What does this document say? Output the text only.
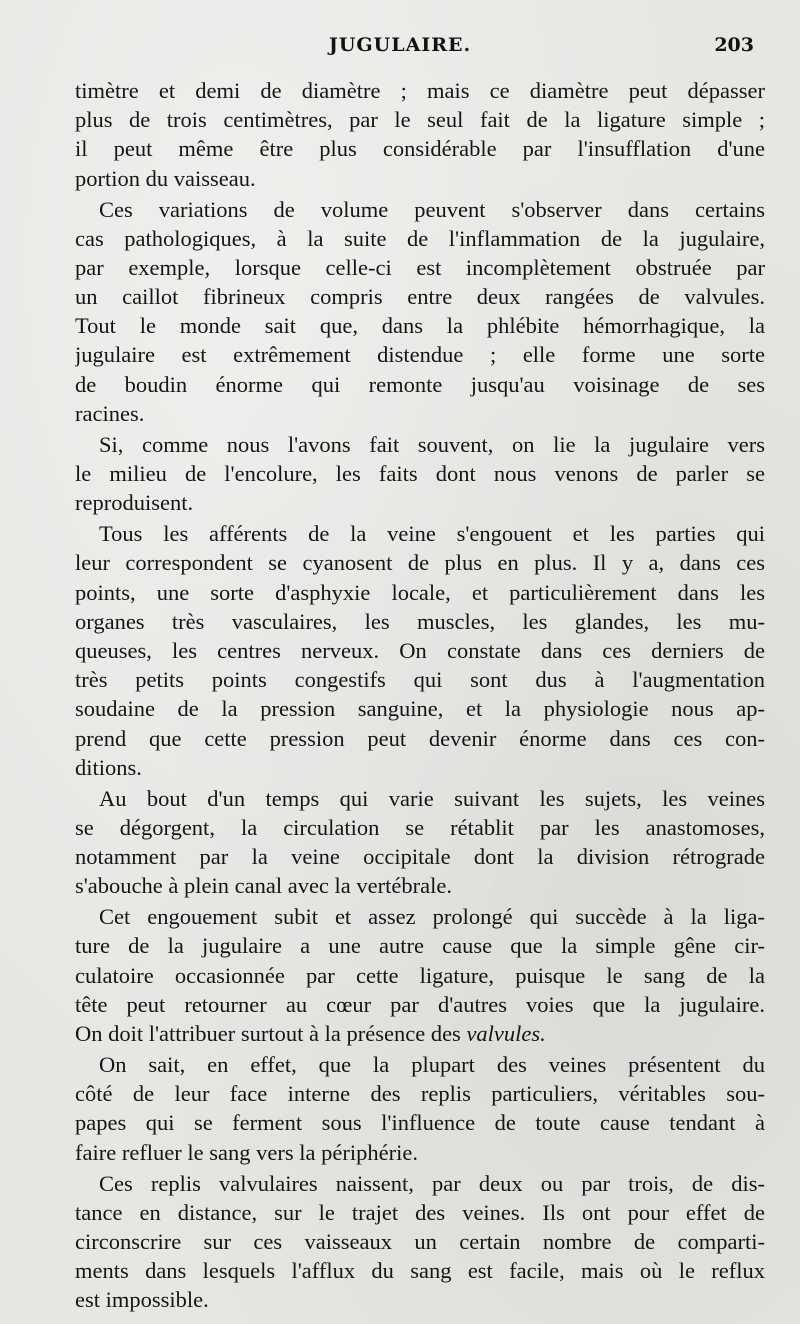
JUGULAIRE.	203
timètre et demi de diamètre ; mais ce diamètre peut dépasser
plus de trois centimètres, par le seul fait de la ligature simple ;
il peut même être plus considérable par l'insufflation d'une
portion du vaisseau.
Ces variations de volume peuvent s'observer dans certains
cas pathologiques, à la suite de l'inflammation de la jugulaire,
par exemple, lorsque celle-ci est incomplètement obstruée par
un caillot fibrineux compris entre deux rangées de valvules.
Tout le monde sait que, dans la phlébite hémorrhagique, la
jugulaire est extrêmement distendue ; elle forme une sorte
de boudin énorme qui remonte jusqu'au voisinage de ses
racines.
Si, comme nous l'avons fait souvent, on lie la jugulaire vers
le milieu de l'encolure, les faits dont nous venons de parler se
reproduisent.
Tous les afférents de la veine s'engouent et les parties qui
leur correspondent se cyanosent de plus en plus. Il y a, dans ces
points, une sorte d'asphyxie locale, et particulièrement dans les
organes très vasculaires, les muscles, les glandes, les mu-
queuses, les centres nerveux. On constate dans ces derniers de
très petits points congestifs qui sont dus à l'augmentation
soudaine de la pression sanguine, et la physiologie nous ap-
prend que cette pression peut devenir énorme dans ces con-
ditions.
Au bout d'un temps qui varie suivant les sujets, les veines
se dégorgent, la circulation se rétablit par les anastomoses,
notamment par la veine occipitale dont la division rétrograde
s'abouche à plein canal avec la vertébrale.
Cet engouement subit et assez prolongé qui succède à la liga-
ture de la jugulaire a une autre cause que la simple gêne cir-
culatoire occasionnée par cette ligature, puisque le sang de la
tête peut retourner au cœur par d'autres voies que la jugulaire.
On doit l'attribuer surtout à la présence des valvules.
On sait, en effet, que la plupart des veines présentent du
côté de leur face interne des replis particuliers, véritables sou-
papes qui se ferment sous l'influence de toute cause tendant à
faire refluer le sang vers la périphérie.
Ces replis valvulaires naissent, par deux ou par trois, de dis-
tance en distance, sur le trajet des veines. Ils ont pour effet de
circonscrire sur ces vaisseaux un certain nombre de comparti-
ments dans lesquels l'afflux du sang est facile, mais où le reflux
est impossible.
